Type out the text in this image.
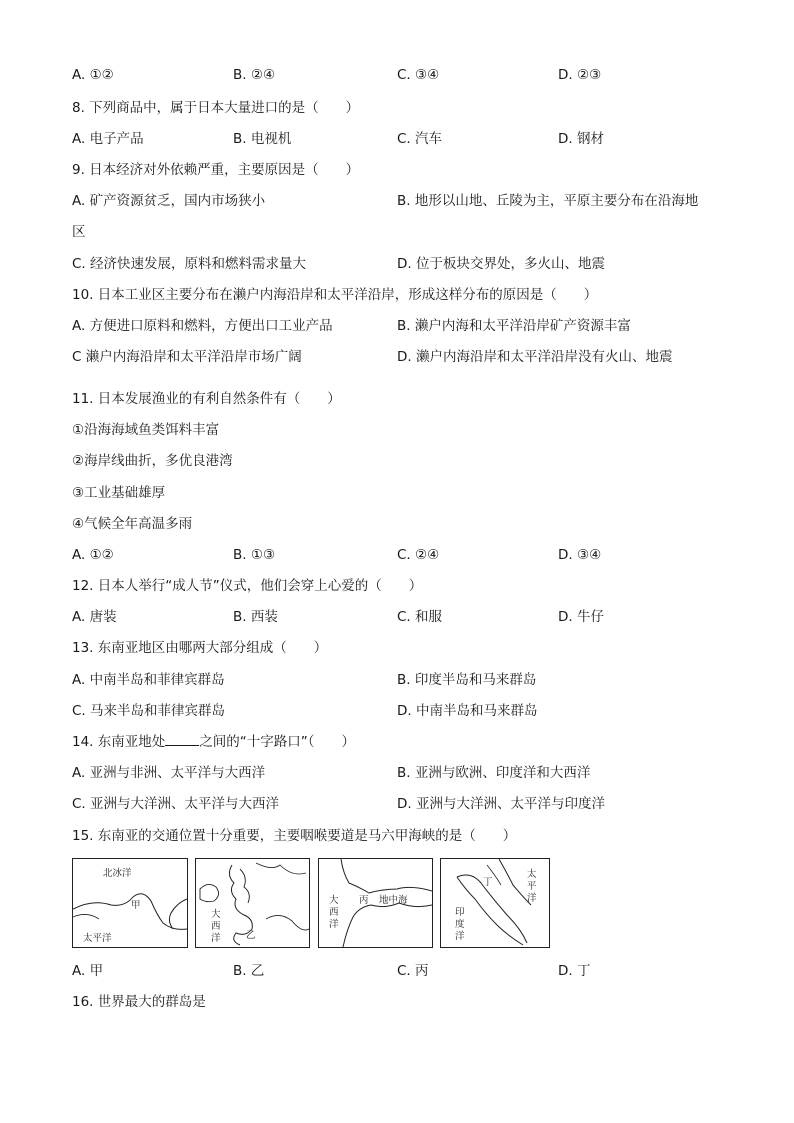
A. ①②	B. ②④	C. ③④	D. ②③
8. 下列商品中，属于日本大量进口的是（　　）
A. 电子产品	B. 电视机	C. 汽车	D. 钢材
9. 日本经济对外依赖严重，主要原因是（　　）
A. 矿产资源贫乏，国内市场狭小	B. 地形以山地、丘陵为主，平原主要分布在沿海地
区
C. 经济快速发展，原料和燃料需求量大	D. 位于板块交界处，多火山、地震
10. 日本工业区主要分布在濑户内海沿岸和太平洋沿岸，形成这样分布的原因是（　　）
A. 方便进口原料和燃料，方便出口工业产品	B. 濑户内海和太平洋沿岸矿产资源丰富
C 濑户内海沿岸和太平洋沿岸市场广阔	D. 濑户内海沿岸和太平洋沿岸没有火山、地震
11. 日本发展渔业的有利自然条件有（　　）
①沿海海域鱼类饵料丰富
②海岸线曲折，多优良港湾
③工业基础雄厚
④气候全年高温多雨
A. ①②	B. ①③	C. ②④	D. ③④
12. 日本人举行“成人节”仪式，他们会穿上心爱的（　　）
A. 唐装	B. 西装	C. 和服	D. 牛仔
13. 东南亚地区由哪两大部分组成（　　）
A. 中南半岛和菲律宾群岛	B. 印度半岛和马来群岛
C. 马来半岛和菲律宾群岛	D. 中南半岛和马来群岛
14. 东南亚地处	之间的“十字路口”（　　）
A. 亚洲与非洲、太平洋与大西洋	B. 亚洲与欧洲、印度洋和大西洋
C. 亚洲与大洋洲、太平洋与大西洋	D. 亚洲与大洋洲、太平洋与印度洋
15. 东南亚的交通位置十分重要，主要咽喉要道是马六甲海峡的是（　　）
北冰洋
甲
太平洋
大
西
洋	乙
大
西
洋
丙 地中海
丁
太
平
洋
印
度
洋
A. 甲	B. 乙	C. 丙	D. 丁
16. 世界最大的群岛是
